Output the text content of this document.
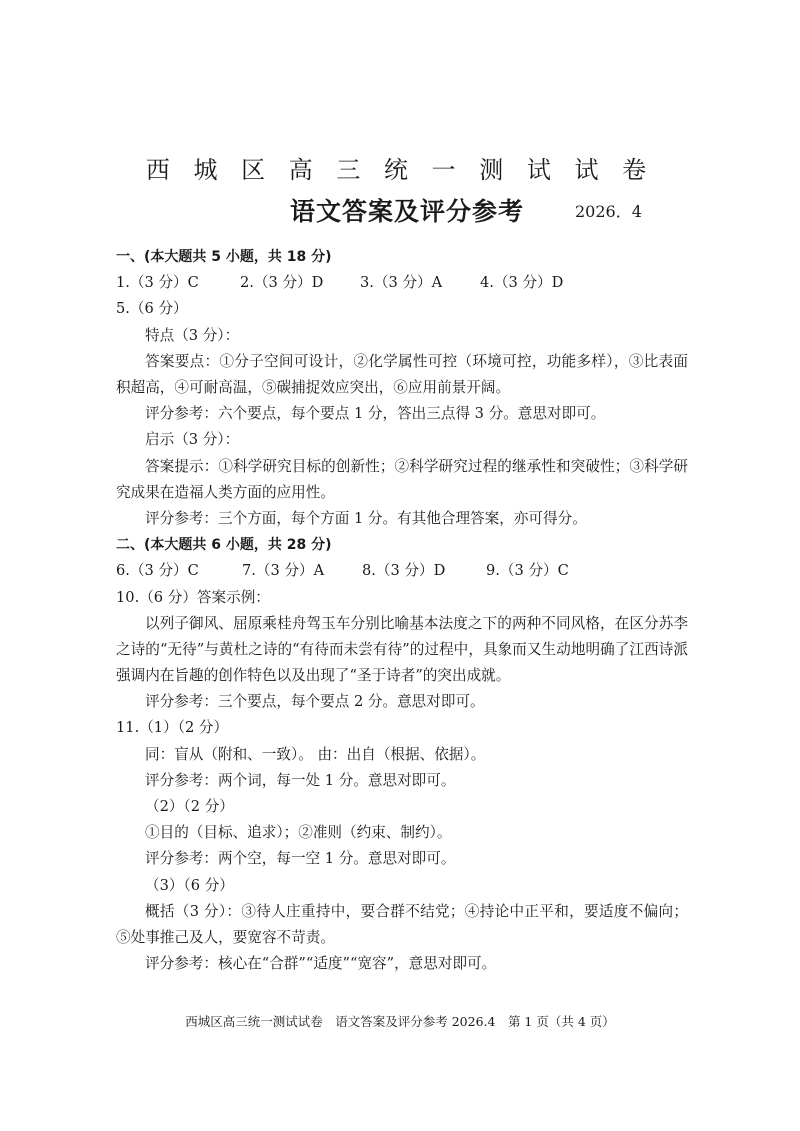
西 城 区 高 三 统 一 测 试 试 卷
语文答案及评分参考	2026．4
一、(本大题共 5 小题，共 18 分)
1.（3 分）C	2.（3 分）D	3.（3 分）A	4.（3 分）D
5.（6 分）
特点（3 分）：
答案要点：①分子空间可设计，②化学属性可控（环境可控，功能多样），③比表面积超高，④可耐高温，⑤碳捕捉效应突出，⑥应用前景开阔。
评分参考：六个要点，每个要点 1 分，答出三点得 3 分。意思对即可。
启示（3 分）：
答案提示：①科学研究目标的创新性；②科学研究过程的继承性和突破性；③科学研究成果在造福人类方面的应用性。
评分参考：三个方面，每个方面 1 分。有其他合理答案，亦可得分。
二、(本大题共 6 小题，共 28 分)
6.（3 分）C	7.（3 分）A	8.（3 分）D	9.（3 分）C
10.（6 分）答案示例：
以列子御风、屈原乘桂舟驾玉车分别比喻基本法度之下的两种不同风格，在区分苏李之诗的“无待”与黄杜之诗的“有待而未尝有待”的过程中，具象而又生动地明确了江西诗派强调内在旨趣的创作特色以及出现了“圣于诗者”的突出成就。
评分参考：三个要点，每个要点 2 分。意思对即可。
11.（1）（2 分）
同：盲从（附和、一致）。 由：出自（根据、依据）。
评分参考：两个词，每一处 1 分。意思对即可。
（2）（2 分）
①目的（目标、追求）；②准则（约束、制约）。
评分参考：两个空，每一空 1 分。意思对即可。
（3）（6 分）
概括（3 分）：③待人庄重持中，要合群不结党；④持论中正平和，要适度不偏向；⑤处事推己及人，要宽容不苛责。
评分参考：核心在“合群”“适度”“宽容”，意思对即可。
西城区高三统一测试试卷　语文答案及评分参考 2026.4　第 1 页（共 4 页）
